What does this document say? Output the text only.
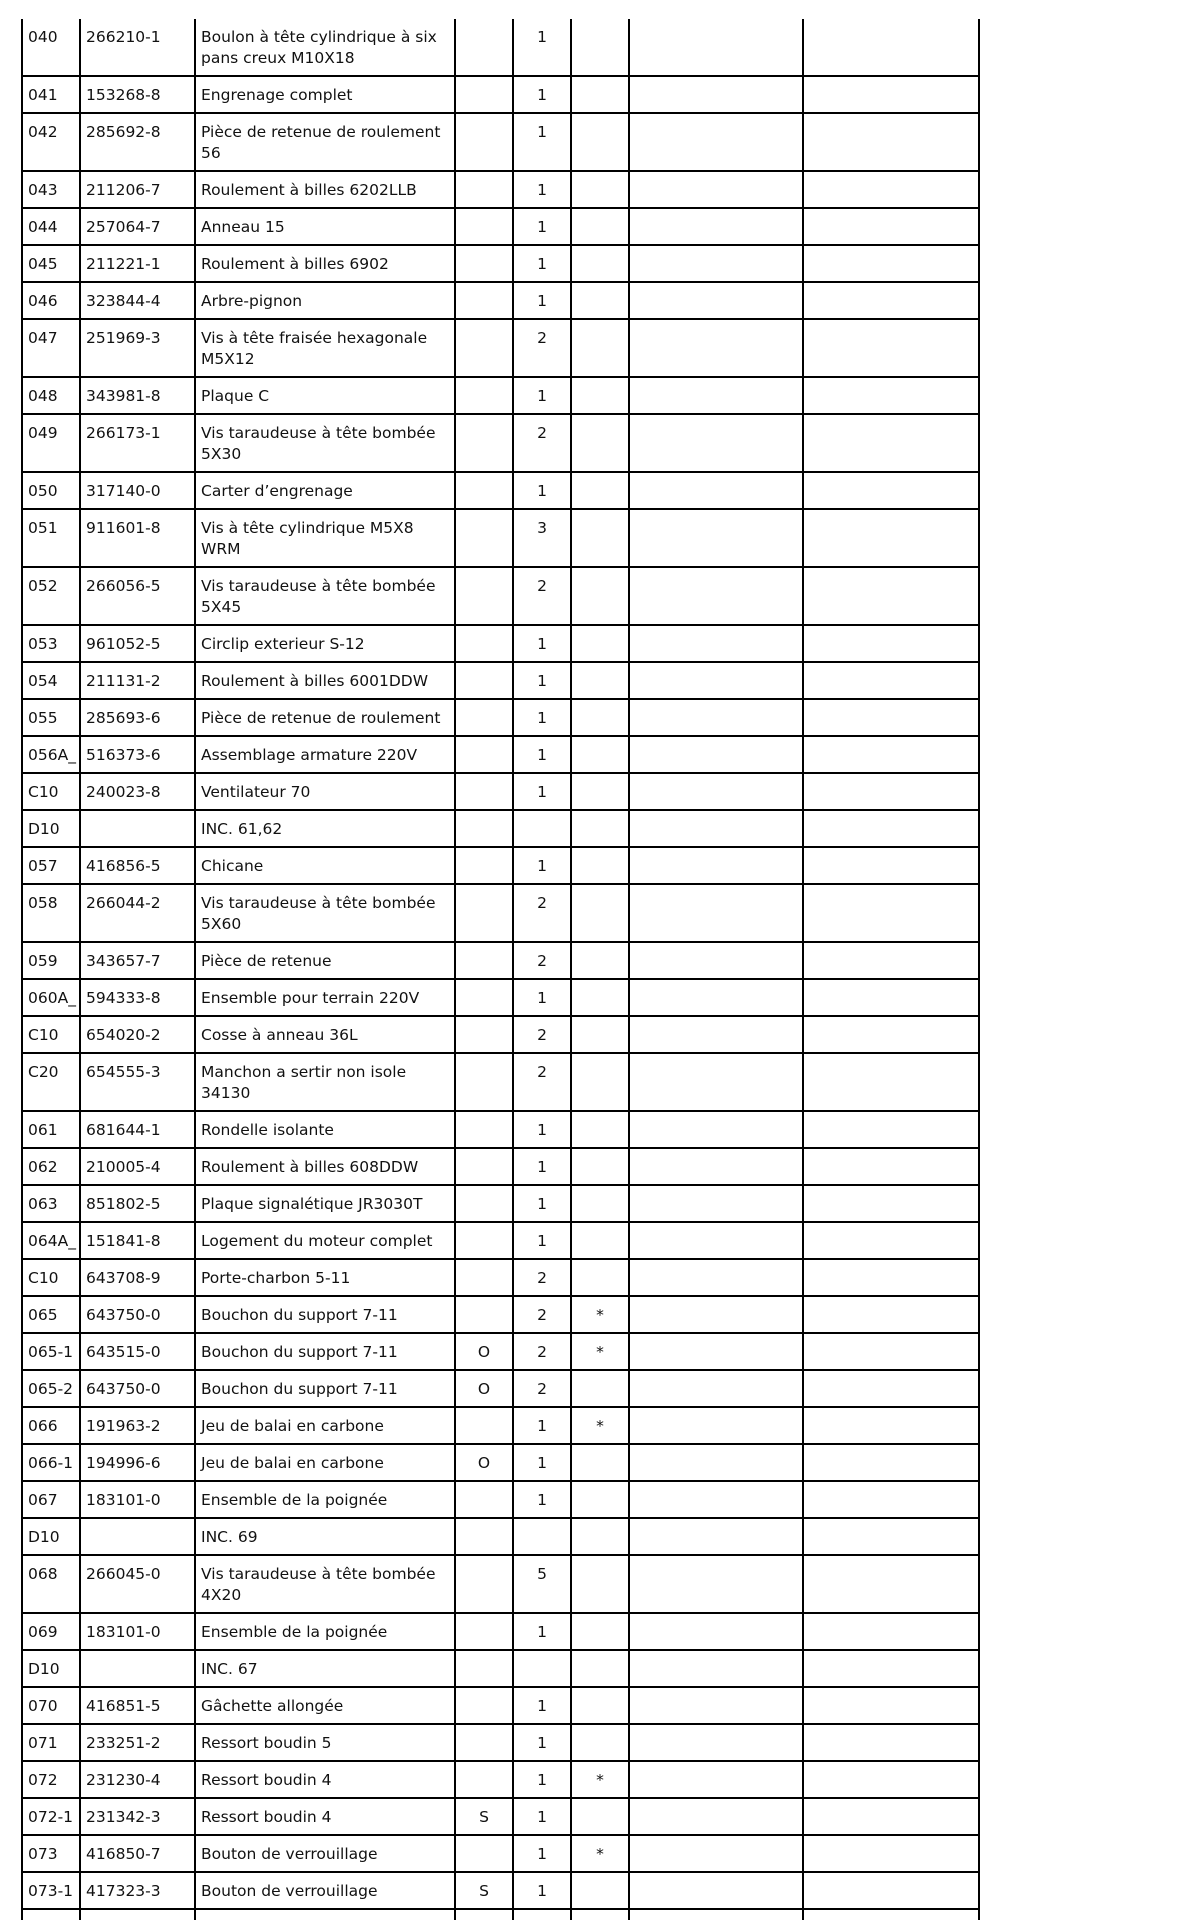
040	266210-1	Boulon à tête cylindrique à six pans creux M10X18		1			
041	153268-8	Engrenage complet		1			
042	285692-8	Pièce de retenue de roulement 56		1			
043	211206-7	Roulement à billes 6202LLB		1			
044	257064-7	Anneau 15		1			
045	211221-1	Roulement à billes 6902		1			
046	323844-4	Arbre-pignon		1			
047	251969-3	Vis à tête fraisée hexagonale M5X12		2			
048	343981-8	Plaque C		1			
049	266173-1	Vis taraudeuse à tête bombée 5X30		2			
050	317140-0	Carter d’engrenage		1			
051	911601-8	Vis à tête cylindrique M5X8 WRM		3			
052	266056-5	Vis taraudeuse à tête bombée 5X45		2			
053	961052-5	Circlip exterieur S-12		1			
054	211131-2	Roulement à billes 6001DDW		1			
055	285693-6	Pièce de retenue de roulement		1			
056A_	516373-6	Assemblage armature 220V		1			
C10	240023-8	Ventilateur 70		1			
D10		INC. 61,62					
057	416856-5	Chicane		1			
058	266044-2	Vis taraudeuse à tête bombée 5X60		2			
059	343657-7	Pièce de retenue		2			
060A_	594333-8	Ensemble pour terrain 220V		1			
C10	654020-2	Cosse à anneau 36L		2			
C20	654555-3	Manchon a sertir non isole 34130		2			
061	681644-1	Rondelle isolante		1			
062	210005-4	Roulement à billes 608DDW		1			
063	851802-5	Plaque signalétique JR3030T		1			
064A_	151841-8	Logement du moteur complet		1			
C10	643708-9	Porte-charbon 5-11		2			
065	643750-0	Bouchon du support 7-11		2	*		
065-1	643515-0	Bouchon du support 7-11	O	2	*		
065-2	643750-0	Bouchon du support 7-11	O	2			
066	191963-2	Jeu de balai en carbone		1	*		
066-1	194996-6	Jeu de balai en carbone	O	1			
067	183101-0	Ensemble de la poignée		1			
D10		INC. 69					
068	266045-0	Vis taraudeuse à tête bombée 4X20		5			
069	183101-0	Ensemble de la poignée		1			
D10		INC. 67					
070	416851-5	Gâchette allongée		1			
071	233251-2	Ressort boudin 5		1			
072	231230-4	Ressort boudin 4		1	*		
072-1	231342-3	Ressort boudin 4	S	1			
073	416850-7	Bouton de verrouillage		1	*		
073-1	417323-3	Bouton de verrouillage	S	1			
